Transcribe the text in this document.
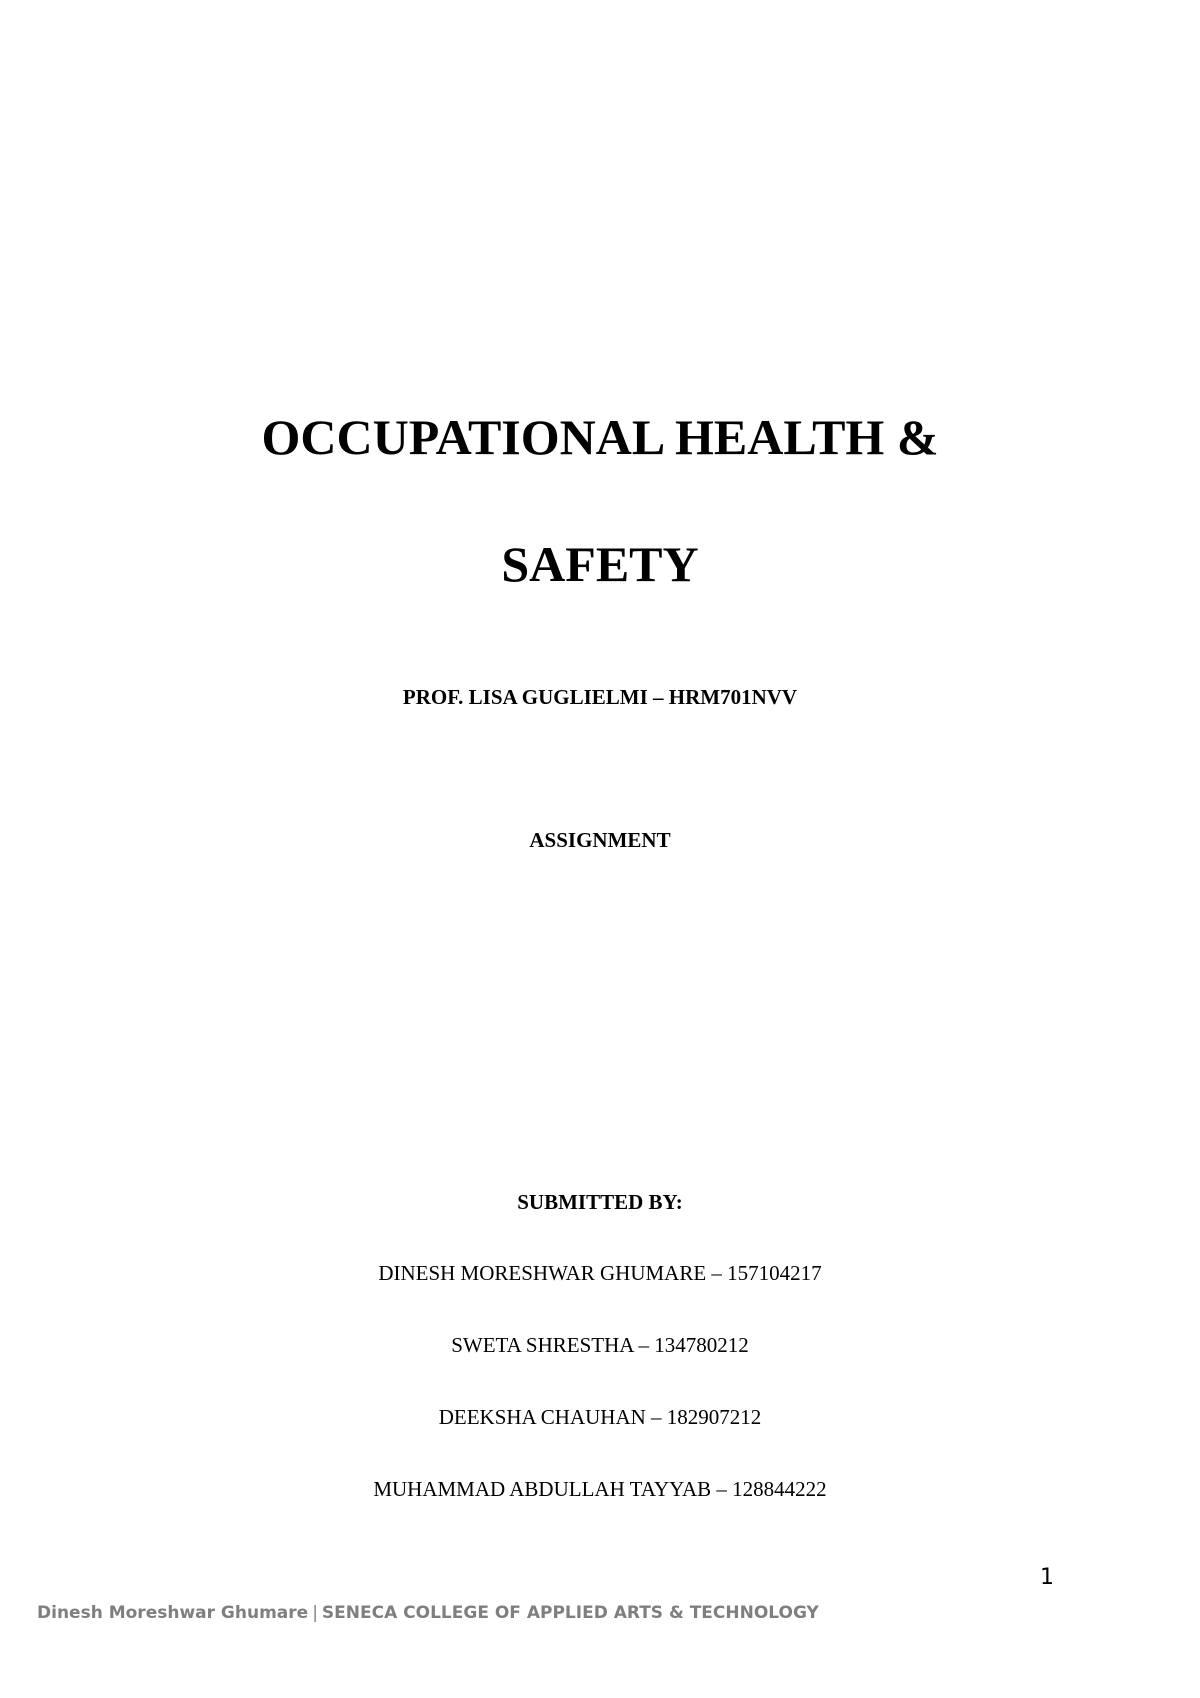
OCCUPATIONAL HEALTH &
SAFETY
PROF. LISA GUGLIELMI – HRM701NVV
ASSIGNMENT
SUBMITTED BY:
DINESH MORESHWAR GHUMARE – 157104217
SWETA SHRESTHA – 134780212
DEEKSHA CHAUHAN – 182907212
MUHAMMAD ABDULLAH TAYYAB – 128844222
1
Dinesh Moreshwar Ghumare | SENECA COLLEGE OF APPLIED ARTS & TECHNOLOGY
